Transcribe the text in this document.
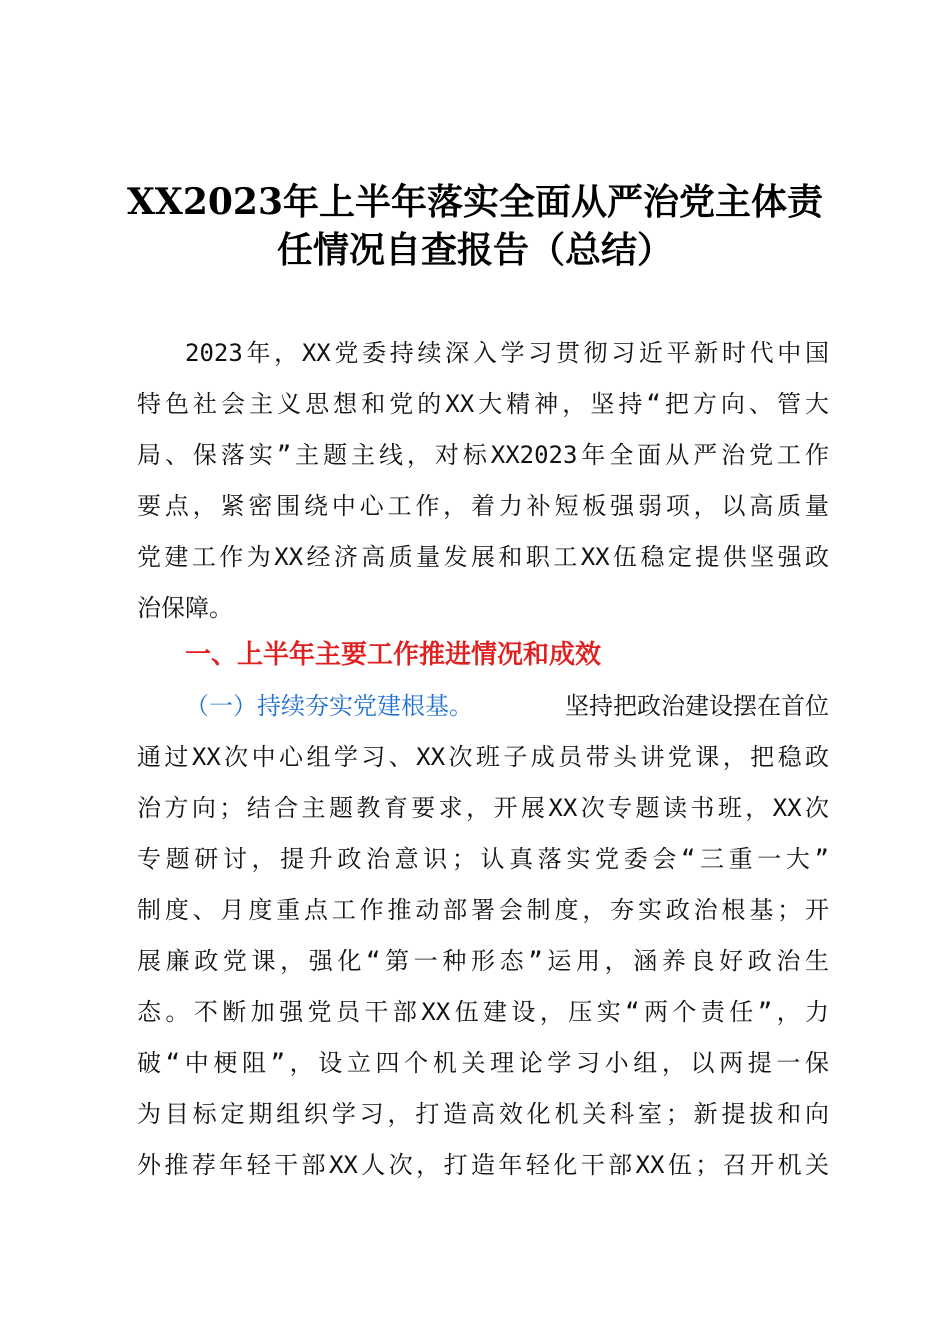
XX2023年上半年落实全面从严治党主体责
任情况自查报告（总结）
2023年，XX党委持续深入学习贯彻习近平新时代中国
特色社会主义思想和党的XX大精神，坚持“把方向、管大
局、保落实”主题主线，对标XX2023年全面从严治党工作
要点，紧密围绕中心工作，着力补短板强弱项，以高质量
党建工作为XX经济高质量发展和职工XX伍稳定提供坚强政
治保障。
一、上半年主要工作推进情况和成效
（一）持续夯实党建根基。	坚持把政治建设摆在首位
通过XX次中心组学习、XX次班子成员带头讲党课，把稳政
治方向；结合主题教育要求，开展XX次专题读书班，XX次
专题研讨，提升政治意识；认真落实党委会“三重一大”
制度、月度重点工作推动部署会制度，夯实政治根基；开
展廉政党课，强化“第一种形态”运用，涵养良好政治生
态。不断加强党员干部XX伍建设，压实“两个责任”，力
破“中梗阻”，设立四个机关理论学习小组，以两提一保
为目标定期组织学习，打造高效化机关科室；新提拔和向
外推荐年轻干部XX人次，打造年轻化干部XX伍；召开机关
